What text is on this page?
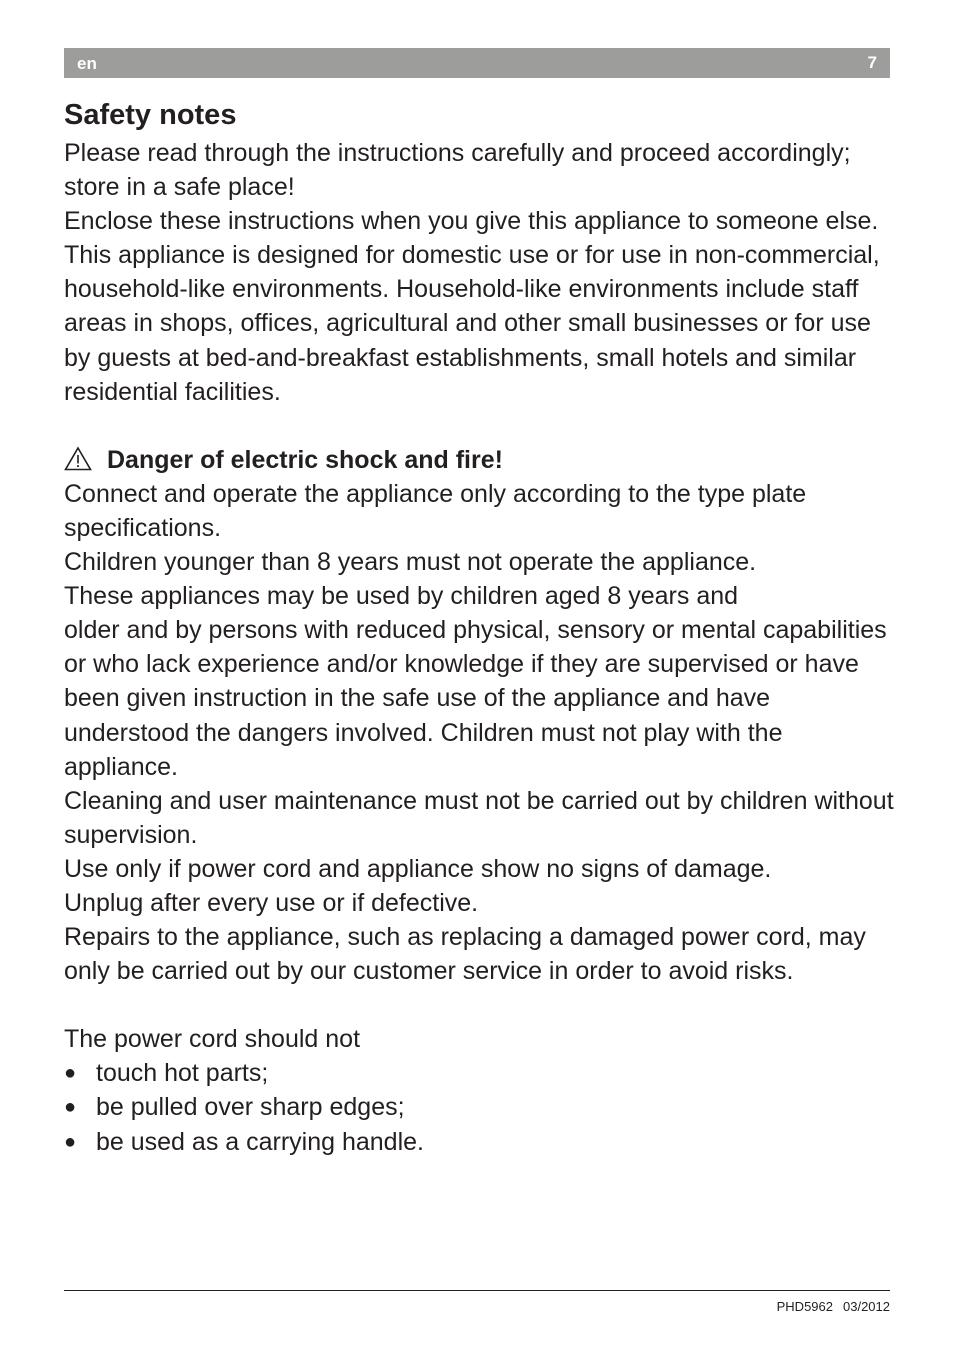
en	7
Safety notes

Please read through the instructions carefully and proceed accordingly; store in a safe place!

Enclose these instructions when you give this appliance to someone else.

This appliance is designed for domestic use or for use in non-commercial, household-like environments. Household-like environments include staff areas in shops, offices, agricultural and other small businesses or for use by guests at bed-and-breakfast establishments, small hotels and similar

residential facilities.

Danger of electric shock and fire!

Connect and operate the appliance only according to the type plate specifications.

Children younger than 8 years must not operate the appliance.

These appliances may be used by children aged 8 years and

older and by persons with reduced physical, sensory or mental capabilities or who lack experience and/or knowledge if they are supervised or have been given instruction in the safe use of the appliance and have understood the dangers involved. Children must not play with the appliance.

Cleaning and user maintenance must not be carried out by children without supervision.

Use only if power cord and appliance show no signs of damage.

Unplug after every use or if defective.

Repairs to the appliance, such as replacing a damaged power cord, may only be carried out by our customer service in order to avoid risks.

The power cord should not

● touch hot parts;
● be pulled over sharp edges;
● be used as a carrying handle.
PHD5962 03/2012
